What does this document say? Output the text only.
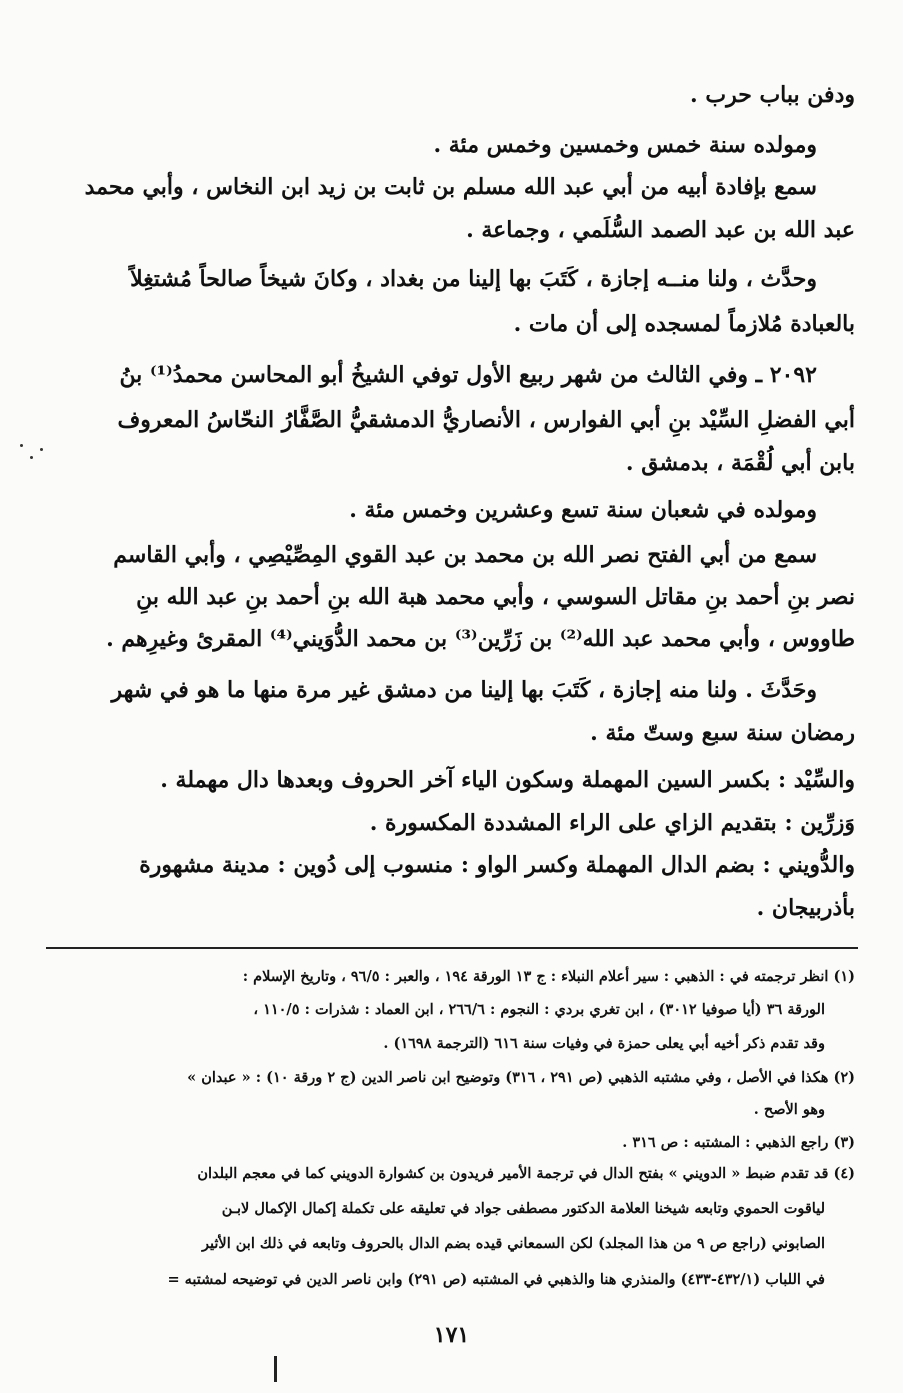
ودفن بباب حرب .
ومولده سنة خمس وخمسين وخمس مئة .
سمع بإفادة أبيه من أبي عبد الله مسلم بن ثابت بن زيد ابن النخاس ، وأبي محمد
عبد الله بن عبد الصمد السُّلَمي ، وجماعة .
وحدَّث ، ولنا منــه إجازة ، كَتَبَ بها إلينا من بغداد ، وكانَ شيخاً صالحاً مُشتغِلاً
بالعبادة مُلازماً لمسجده إلى أن مات .
٢٠٩٢ ـ وفي الثالث من شهر ربيع الأول توفي الشيخُ أبو المحاسن محمدُ⁽¹⁾ بنُ
أبي الفضلِ السِّيْد بنِ أبي الفوارس ، الأنصاريُّ الدمشقيُّ الصَّفَّارُ النحّاسُ المعروف
بابن أبي لُقْمَة ، بدمشق .
ومولده في شعبان سنة تسع وعشرين وخمس مئة .
سمع من أبي الفتح نصر الله بن محمد بن عبد القوي المِصِّيْصِي ، وأبي القاسم
نصر بنِ أحمد بنِ مقاتل السوسي ، وأبي محمد هبة الله بنِ أحمد بنِ عبد الله بنِ
طاووس ، وأبي محمد عبد الله⁽²⁾ بن زَرِّين⁽³⁾ بن محمد الدُّوَيني⁽⁴⁾ المقرئ وغيرِهم .
وحَدَّثَ . ولنا منه إجازة ، كَتَبَ بها إلينا من دمشق غير مرة منها ما هو في شهر
رمضان سنة سبع وستّ مئة .
والسِّيْد : بكسر السين المهملة وسكون الياء آخر الحروف وبعدها دال مهملة .
وَزرِّين : بتقديم الزاي على الراء المشددة المكسورة .
والدُّويني : بضم الدال المهملة وكسر الواو : منسوب إلى دُوين : مدينة مشهورة
بأذربيجان .
(١) انظر ترجمته في : الذهبي : سير أعلام النبلاء : ج ١٣ الورقة ١٩٤ ، والعبر : ٩٦/٥ ، وتاريخ الإسلام :
الورقة ٣٦ (أيا صوفيا ٣٠١٢) ، ابن تغري بردي : النجوم : ٢٦٦/٦ ، ابن العماد : شذرات : ١١٠/٥ ،
وقد تقدم ذكر أخيه أبي يعلى حمزة في وفيات سنة ٦١٦ (الترجمة ١٦٩٨) .
(٢) هكذا في الأصل ، وفي مشتبه الذهبي (ص ٢٩١ ، ٣١٦) وتوضيح ابن ناصر الدين (ج ٢ ورقة ١٠) : « عبدان »
وهو الأصح .
(٣) راجع الذهبي : المشتبه : ص ٣١٦ .
(٤) قد تقدم ضبط « الدويني » بفتح الدال في ترجمة الأمير فريدون بن كشوارة الدويني كما في معجم البلدان
لياقوت الحموي وتابعه شيخنا العلامة الدكتور مصطفى جواد في تعليقه على تكملة إكمال الإكمال لابـن
الصابوني (راجع ص ٩ من هذا المجلد) لكن السمعاني قيده بضم الدال بالحروف وتابعه في ذلك ابن الأثير
في اللباب (٤٣٢/١-٤٣٣) والمنذري هنا والذهبي في المشتبه (ص ٢٩١) وابن ناصر الدين في توضيحه لمشتبه =
١٧١
